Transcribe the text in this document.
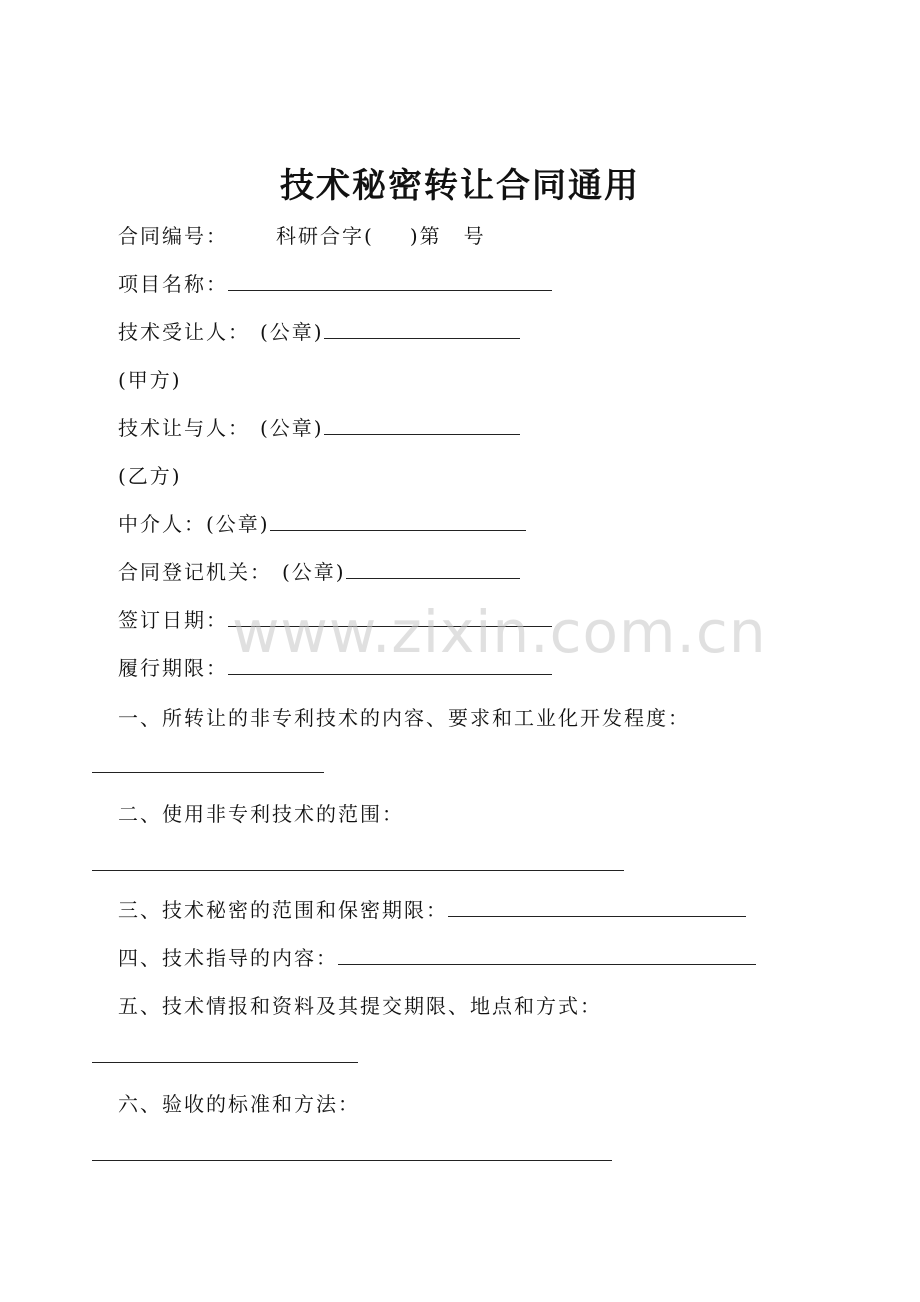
技术秘密转让合同通用
合同编号： 科研合字( )第 号
项目名称：
技术受让人： (公章)
(甲方)
技术让与人： (公章)
(乙方)
中介人：(公章)
合同登记机关： (公章)
签订日期：
履行期限：
一、所转让的非专利技术的内容、要求和工业化开发程度：
二、使用非专利技术的范围：
三、技术秘密的范围和保密期限：
四、技术指导的内容：
五、技术情报和资料及其提交期限、地点和方式：
六、验收的标准和方法：
www.zixin.com.cn
